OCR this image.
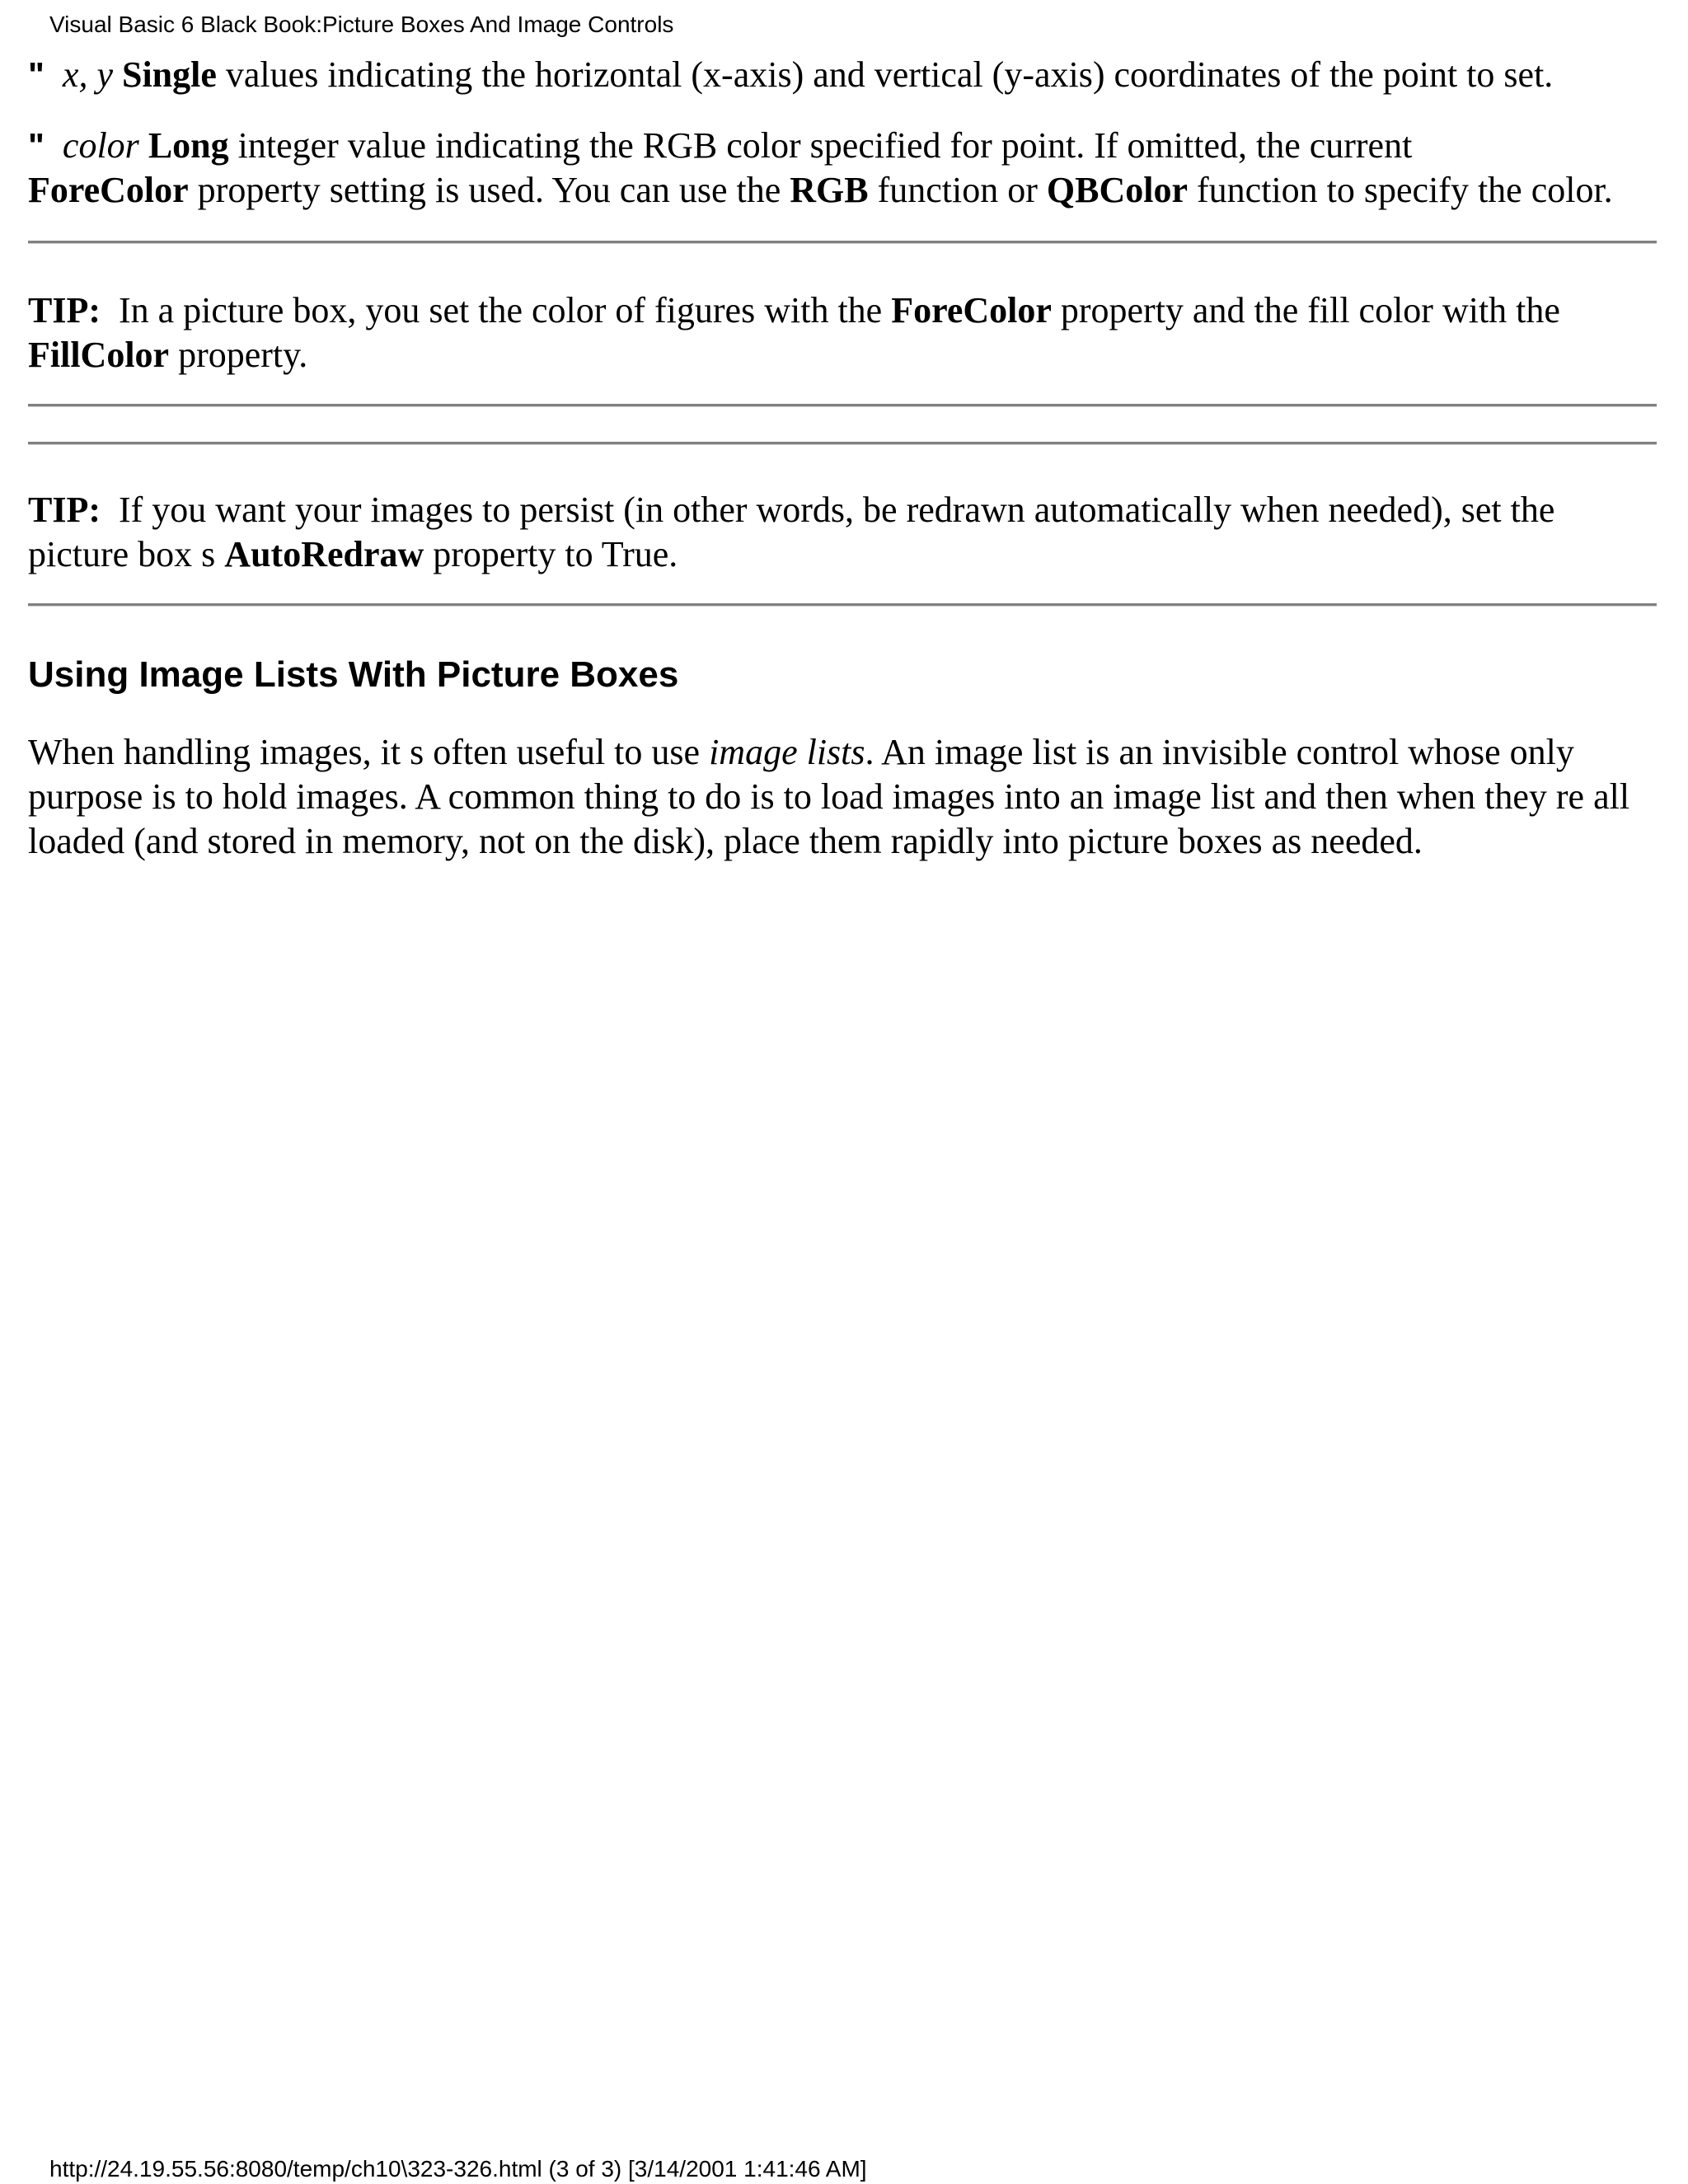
Visual Basic 6 Black Book:Picture Boxes And Image Controls

" x, y Single values indicating the horizontal (x-axis) and vertical (y-axis) coordinates of the point to set.

" color Long integer value indicating the RGB color specified for point. If omitted, the current
ForeColor property setting is used. You can use the RGB function or QBColor function to specify the color.

TIP: In a picture box, you set the color of figures with the ForeColor property and the fill color with the FillColor property.

TIP: If you want your images to persist (in other words, be redrawn automatically when needed), set the picture box s AutoRedraw property to True.

Using Image Lists With Picture Boxes

When handling images, it s often useful to use image lists. An image list is an invisible control whose only purpose is to hold images. A common thing to do is to load images into an image list and then when they re all loaded (and stored in memory, not on the disk), place them rapidly into picture boxes as needed.

http://24.19.55.56:8080/temp/ch10\323-326.html (3 of 3) [3/14/2001 1:41:46 AM]
